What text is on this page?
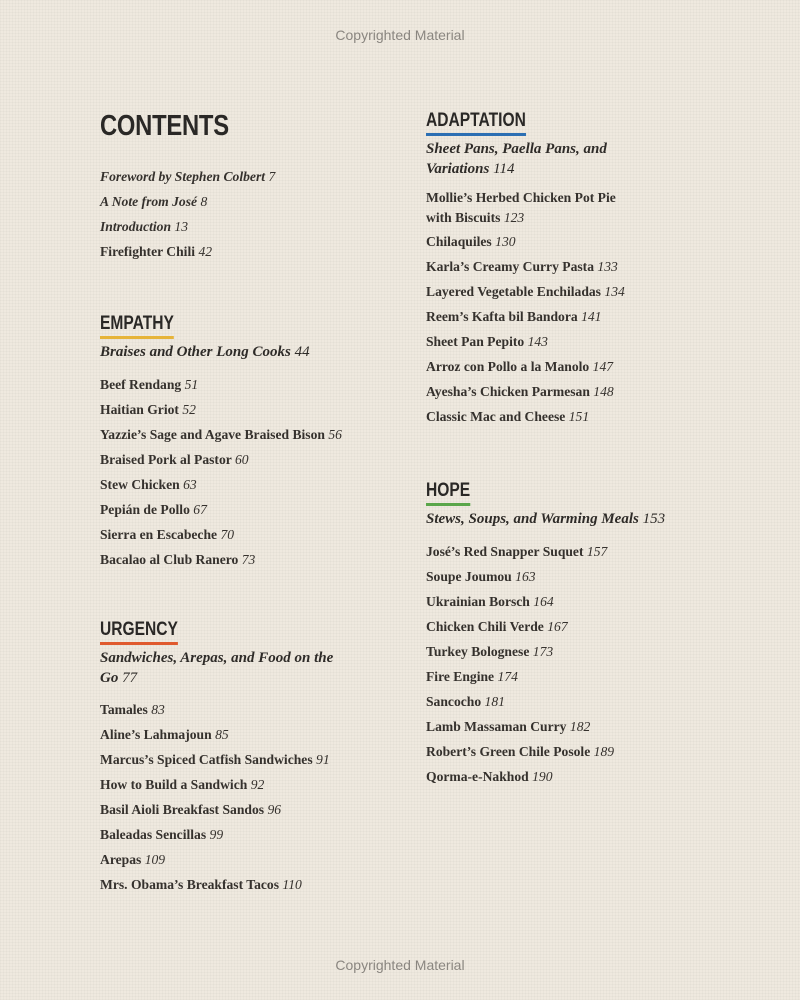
Copyrighted Material
CONTENTS
Foreword by Stephen Colbert 7
A Note from José 8
Introduction 13
Firefighter Chili 42
EMPATHY
Braises and Other Long Cooks 44
Beef Rendang 51
Haitian Griot 52
Yazzie’s Sage and Agave Braised Bison 56
Braised Pork al Pastor 60
Stew Chicken 63
Pepián de Pollo 67
Sierra en Escabeche 70
Bacalao al Club Ranero 73
URGENCY
Sandwiches, Arepas, and Food on the Go 77
Tamales 83
Aline’s Lahmajoun 85
Marcus’s Spiced Catfish Sandwiches 91
How to Build a Sandwich 92
Basil Aioli Breakfast Sandos 96
Baleadas Sencillas 99
Arepas 109
Mrs. Obama’s Breakfast Tacos 110
ADAPTATION
Sheet Pans, Paella Pans, and Variations 114
Mollie’s Herbed Chicken Pot Pie with Biscuits 123
Chilaquiles 130
Karla’s Creamy Curry Pasta 133
Layered Vegetable Enchiladas 134
Reem’s Kafta bil Bandora 141
Sheet Pan Pepito 143
Arroz con Pollo a la Manolo 147
Ayesha’s Chicken Parmesan 148
Classic Mac and Cheese 151
HOPE
Stews, Soups, and Warming Meals 153
José’s Red Snapper Suquet 157
Soupe Joumou 163
Ukrainian Borsch 164
Chicken Chili Verde 167
Turkey Bolognese 173
Fire Engine 174
Sancocho 181
Lamb Massaman Curry 182
Robert’s Green Chile Posole 189
Qorma-e-Nakhod 190
Copyrighted Material
